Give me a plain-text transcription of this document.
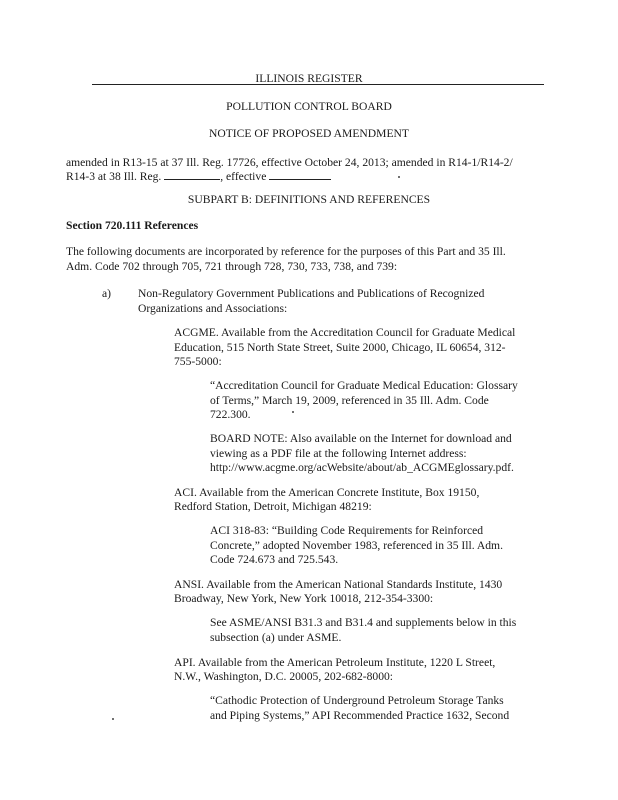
ILLINOIS REGISTER
POLLUTION CONTROL BOARD
NOTICE OF PROPOSED AMENDMENT
amended in R13-15 at 37 Ill. Reg. 17726, effective October 24, 2013; amended in R14-1/R14-2/
R14-3 at 38 Ill. Reg.	, effective
SUBPART B: DEFINITIONS AND REFERENCES
Section 720.111 References
The following documents are incorporated by reference for the purposes of this Part and 35 Ill.
Adm. Code 702 through 705, 721 through 728, 730, 733, 738, and 739:
a) Non-Regulatory Government Publications and Publications of Recognized
Organizations and Associations:
ACGME. Available from the Accreditation Council for Graduate Medical
Education, 515 North State Street, Suite 2000, Chicago, IL 60654, 312-
755-5000:
“Accreditation Council for Graduate Medical Education: Glossary
of Terms,” March 19, 2009, referenced in 35 Ill. Adm. Code
722.300.
BOARD NOTE: Also available on the Internet for download and
viewing as a PDF file at the following Internet address:
http://www.acgme.org/acWebsite/about/ab_ACGMEglossary.pdf.
ACI. Available from the American Concrete Institute, Box 19150,
Redford Station, Detroit, Michigan 48219:
ACI 318-83: “Building Code Requirements for Reinforced
Concrete,” adopted November 1983, referenced in 35 Ill. Adm.
Code 724.673 and 725.543.
ANSI. Available from the American National Standards Institute, 1430
Broadway, New York, New York 10018, 212-354-3300:
See ASME/ANSI B31.3 and B31.4 and supplements below in this
subsection (a) under ASME.
API. Available from the American Petroleum Institute, 1220 L Street,
N.W., Washington, D.C. 20005, 202-682-8000:
“Cathodic Protection of Underground Petroleum Storage Tanks
and Piping Systems,” API Recommended Practice 1632, Second
